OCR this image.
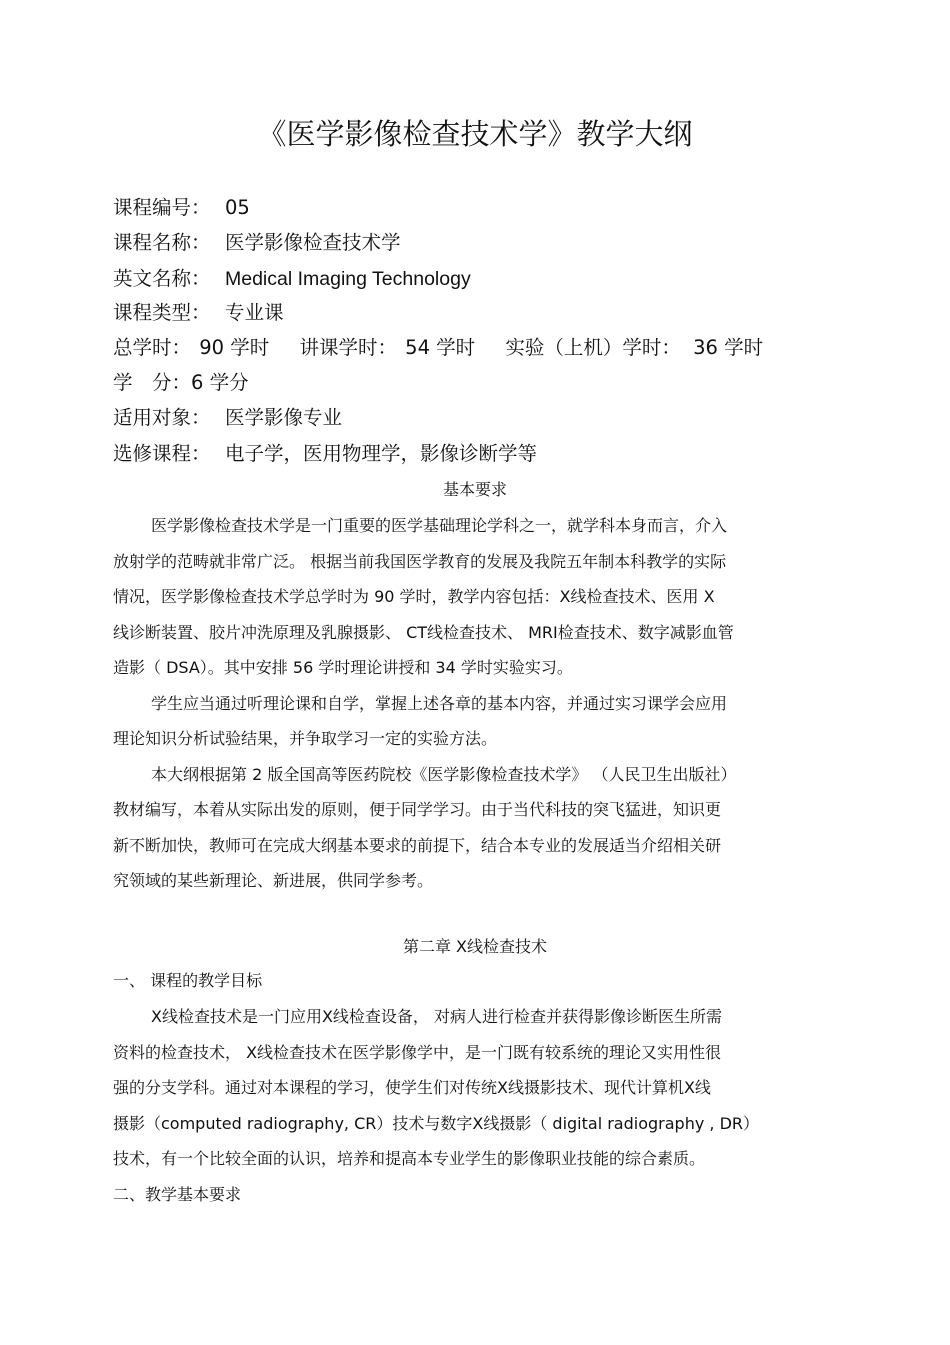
《医学影像检查技术学》教学大纲
课程编号： 05
课程名称： 医学影像检查技术学
英文名称： Medical Imaging Technology
课程类型： 专业课
总学时： 90 学时 讲课学时： 54 学时 实验（上机）学时： 36 学时
学　分：6 学分
适用对象： 医学影像专业
选修课程： 电子学，医用物理学，影像诊断学等
基本要求
医学影像检查技术学是一门重要的医学基础理论学科之一，就学科本身而言，介入
放射学的范畴就非常广泛。 根据当前我国医学教育的发展及我院五年制本科教学的实际
情况，医学影像检查技术学总学时为 90 学时，教学内容包括：X线检查技术、医用 X
线诊断装置、胶片冲洗原理及乳腺摄影、 CT线检查技术、 MRI检查技术、数字减影血管
造影（ DSA）。其中安排 56 学时理论讲授和 34 学时实验实习。
学生应当通过听理论课和自学，掌握上述各章的基本内容，并通过实习课学会应用
理论知识分析试验结果，并争取学习一定的实验方法。
本大纲根据第 2 版全国高等医药院校《医学影像检查技术学》 （人民卫生出版社）
教材编写，本着从实际出发的原则，便于同学学习。由于当代科技的突飞猛进，知识更
新不断加快，教师可在完成大纲基本要求的前提下，结合本专业的发展适当介绍相关研
究领域的某些新理论、新进展，供同学参考。
第二章 X线检查技术
一、 课程的教学目标
X线检查技术是一门应用X线检查设备， 对病人进行检查并获得影像诊断医生所需
资料的检查技术， X线检查技术在医学影像学中，是一门既有较系统的理论又实用性很
强的分支学科。通过对本课程的学习，使学生们对传统X线摄影技术、现代计算机X线
摄影（computed radiography, CR）技术与数字X线摄影（ digital radiography , DR）
技术，有一个比较全面的认识，培养和提高本专业学生的影像职业技能的综合素质。
二、教学基本要求
